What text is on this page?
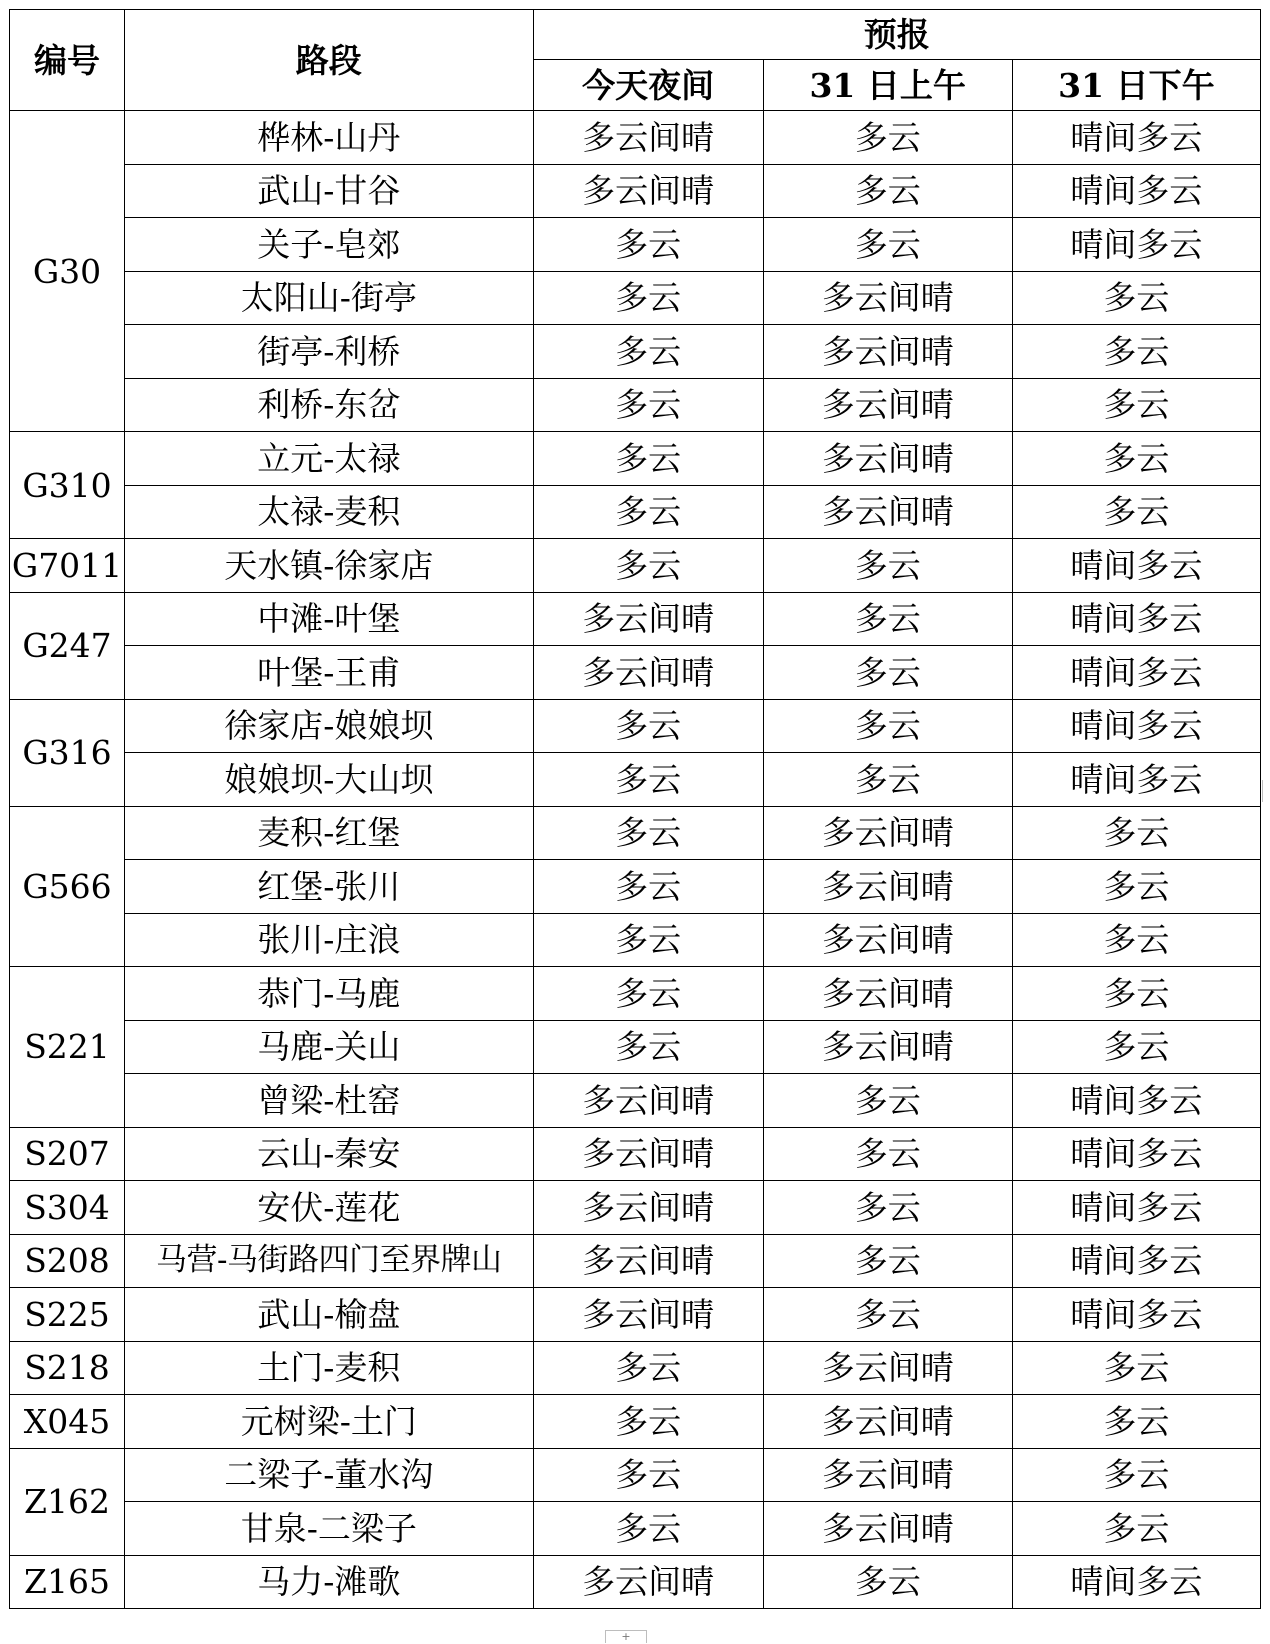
编号	路段	预报		
		今天夜间	31 日上午	31 日下午
G30	桦林-山丹	多云间晴	多云	晴间多云
	武山-甘谷	多云间晴	多云	晴间多云
	关子-皂郊	多云	多云	晴间多云
	太阳山-街亭	多云	多云间晴	多云
	街亭-利桥	多云	多云间晴	多云
	利桥-东岔	多云	多云间晴	多云
G310	立元-太禄	多云	多云间晴	多云
	太禄-麦积	多云	多云间晴	多云
G7011	天水镇-徐家店	多云	多云	晴间多云
G247	中滩-叶堡	多云间晴	多云	晴间多云
	叶堡-王甫	多云间晴	多云	晴间多云
G316	徐家店-娘娘坝	多云	多云	晴间多云
	娘娘坝-大山坝	多云	多云	晴间多云
G566	麦积-红堡	多云	多云间晴	多云
	红堡-张川	多云	多云间晴	多云
	张川-庄浪	多云	多云间晴	多云
S221	恭门-马鹿	多云	多云间晴	多云
	马鹿-关山	多云	多云间晴	多云
	曾梁-杜窑	多云间晴	多云	晴间多云
S207	云山-秦安	多云间晴	多云	晴间多云
S304	安伏-莲花	多云间晴	多云	晴间多云
S208	马营-马街路四门至界牌山	多云间晴	多云	晴间多云
S225	武山-榆盘	多云间晴	多云	晴间多云
S218	土门-麦积	多云	多云间晴	多云
X045	元树梁-土门	多云	多云间晴	多云
Z162	二梁子-董水沟	多云	多云间晴	多云
	甘泉-二梁子	多云	多云间晴	多云
Z165	马力-滩歌	多云间晴	多云	晴间多云
+
